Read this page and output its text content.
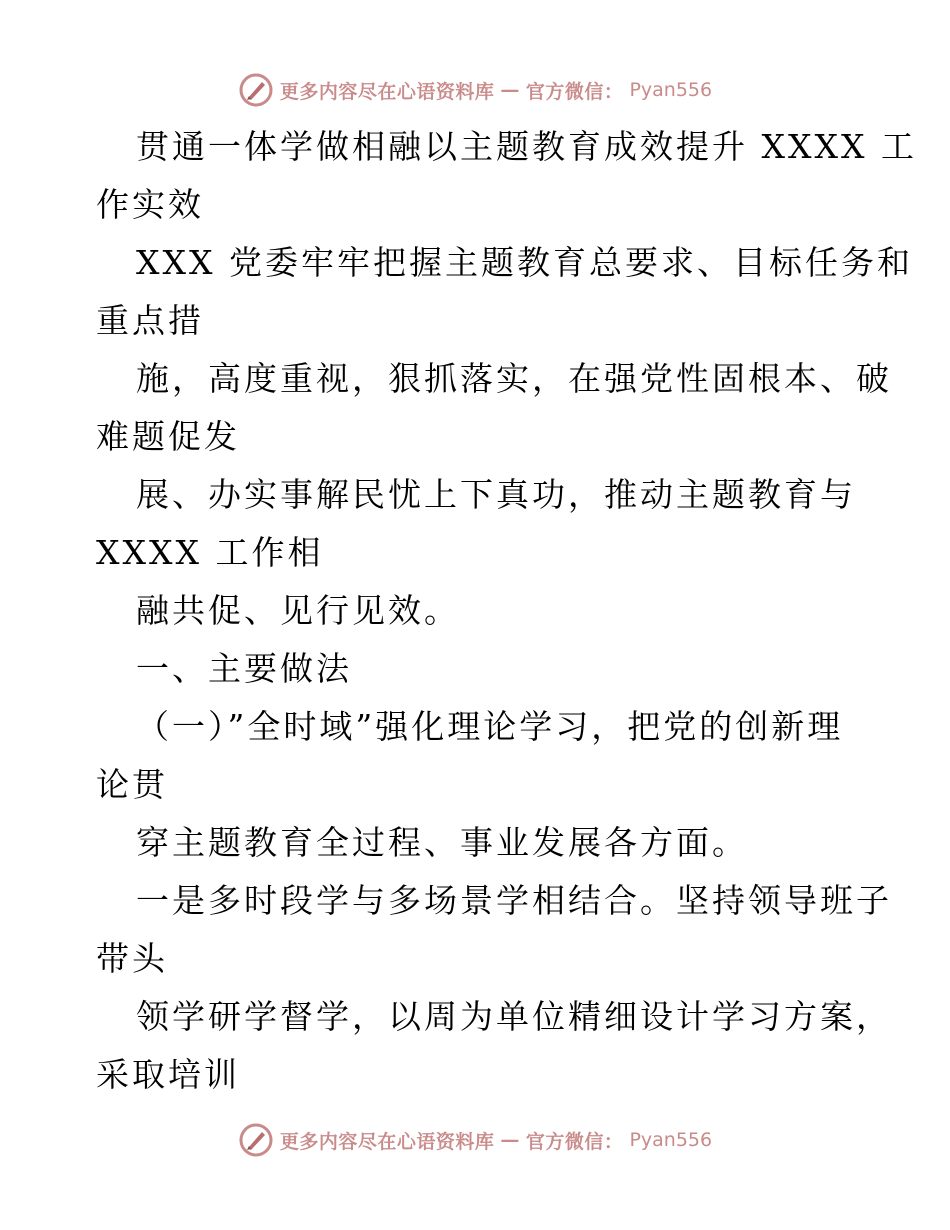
更多内容尽在心语资料库 — 官方微信： Pyan556
贯通一体学做相融以主题教育成效提升 XXXX 工
作实效
XXX 党委牢牢把握主题教育总要求、目标任务和
重点措
施，高度重视，狠抓落实，在强党性固根本、破
难题促发
展、办实事解民忧上下真功，推动主题教育与
XXXX 工作相
融共促、见行见效。
一、主要做法
（一）”全时域”强化理论学习，把党的创新理
论贯
穿主题教育全过程、事业发展各方面。
一是多时段学与多场景学相结合。坚持领导班子
带头
领学研学督学，以周为单位精细设计学习方案，
采取培训
更多内容尽在心语资料库 — 官方微信： Pyan556
